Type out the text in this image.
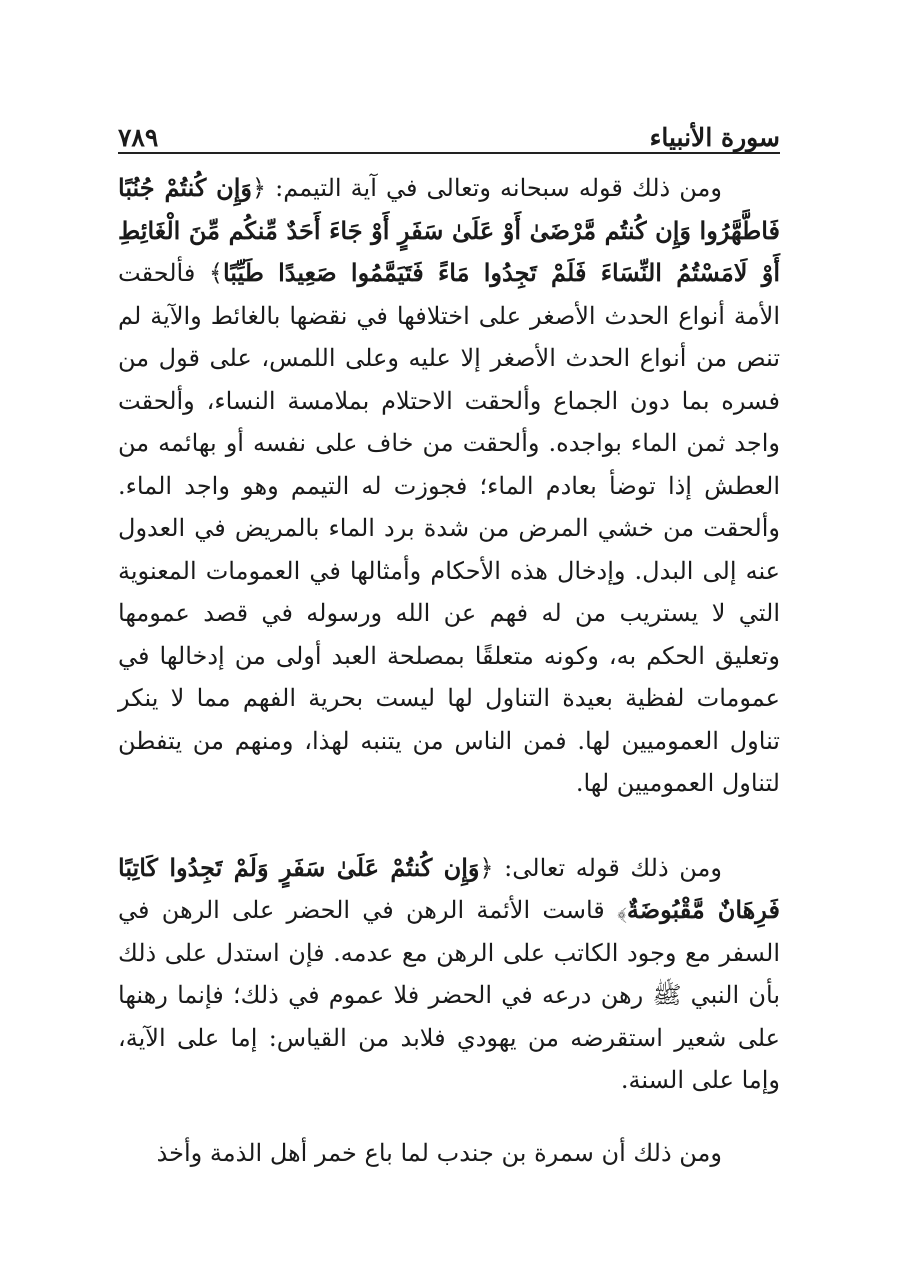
سورة الأنبياء
٧٨٩

ومن ذلك قوله سبحانه وتعالى في آية التيمم: ﴿وَإِن كُنتُمْ جُنُبًا فَاطَّهَّرُوا وَإِن كُنتُم مَّرْضَىٰ أَوْ عَلَىٰ سَفَرٍ أَوْ جَاءَ أَحَدٌ مِّنكُم مِّنَ الْغَائِطِ أَوْ لَامَسْتُمُ النِّسَاءَ فَلَمْ تَجِدُوا مَاءً فَتَيَمَّمُوا صَعِيدًا طَيِّبًا﴾ فألحقت الأمة أنواع الحدث الأصغر على اختلافها في نقضها بالغائط والآية لم تنص من أنواع الحدث الأصغر إلا عليه وعلى اللمس، على قول من فسره بما دون الجماع وألحقت الاحتلام بملامسة النساء، وألحقت واجد ثمن الماء بواجده. وألحقت من خاف على نفسه أو بهائمه من العطش إذا توضأ بعادم الماء؛ فجوزت له التيمم وهو واجد الماء. وألحقت من خشي المرض من شدة برد الماء بالمريض في العدول عنه إلى البدل. وإدخال هذه الأحكام وأمثالها في العمومات المعنوية التي لا يستريب من له فهم عن الله ورسوله في قصد عمومها وتعليق الحكم به، وكونه متعلقًا بمصلحة العبد أولى من إدخالها في عمومات لفظية بعيدة التناول لها ليست بحرية الفهم مما لا ينكر تناول العموميين لها. فمن الناس من يتنبه لهذا، ومنهم من يتفطن لتناول العموميين لها.

ومن ذلك قوله تعالى: ﴿وَإِن كُنتُمْ عَلَىٰ سَفَرٍ وَلَمْ تَجِدُوا كَاتِبًا فَرِهَانٌ مَّقْبُوضَةٌ﴾ قاست الأئمة الرهن في الحضر على الرهن في السفر مع وجود الكاتب على الرهن مع عدمه. فإن استدل على ذلك بأن النبي ﷺ رهن درعه في الحضر فلا عموم في ذلك؛ فإنما رهنها على شعير استقرضه من يهودي فلابد من القياس: إما على الآية، وإما على السنة.

ومن ذلك أن سمرة بن جندب لما باع خمر أهل الذمة وأخذ
